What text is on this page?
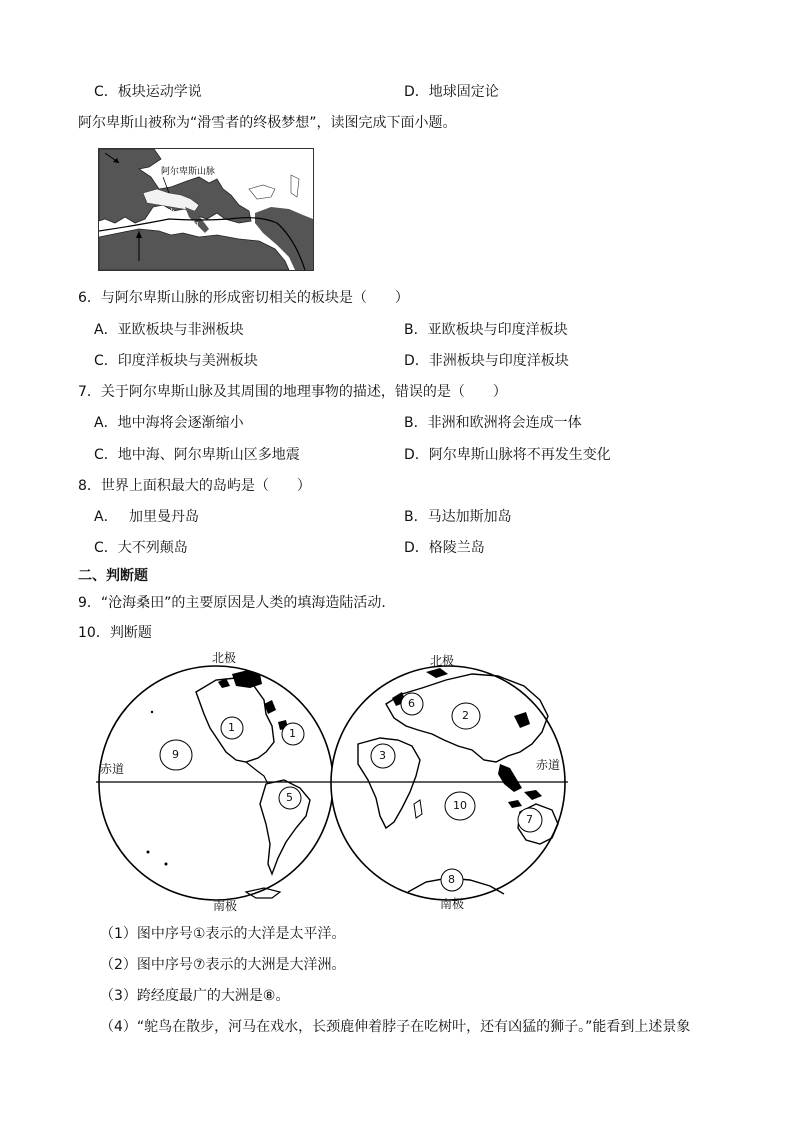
C．板块运动学说	D．地球固定论
阿尔卑斯山被称为“滑雪者的终极梦想”，读图完成下面小题。
阿尔卑斯山脉
地
中 海
6．与阿尔卑斯山脉的形成密切相关的板块是（　　）
A．亚欧板块与非洲板块	B．亚欧板块与印度洋板块
C．印度洋板块与美洲板块	D．非洲板块与印度洋板块
7．关于阿尔卑斯山脉及其周围的地理事物的描述，错误的是（　　）
A．地中海将会逐渐缩小	B．非洲和欧洲将会连成一体
C．地中海、阿尔卑斯山区多地震	D．阿尔卑斯山脉将不再发生变化
8．世界上面积最大的岛屿是（　　）
A．　 加里曼丹岛	B．马达加斯加岛
C．大不列颠岛	D．格陵兰岛
二、判断题
9．“沧海桑田”的主要原因是人类的填海造陆活动．
10．判断题
北极	北极
赤道	赤道
南极	南极
1	1
9
5
6
2
3
10
7
8
（1）图中序号①表示的大洋是太平洋。
（2）图中序号⑦表示的大洲是大洋洲。
（3）跨经度最广的大洲是⑧。
（4）“鸵鸟在散步，河马在戏水，长颈鹿伸着脖子在吃树叶，还有凶猛的狮子。”能看到上述景象
